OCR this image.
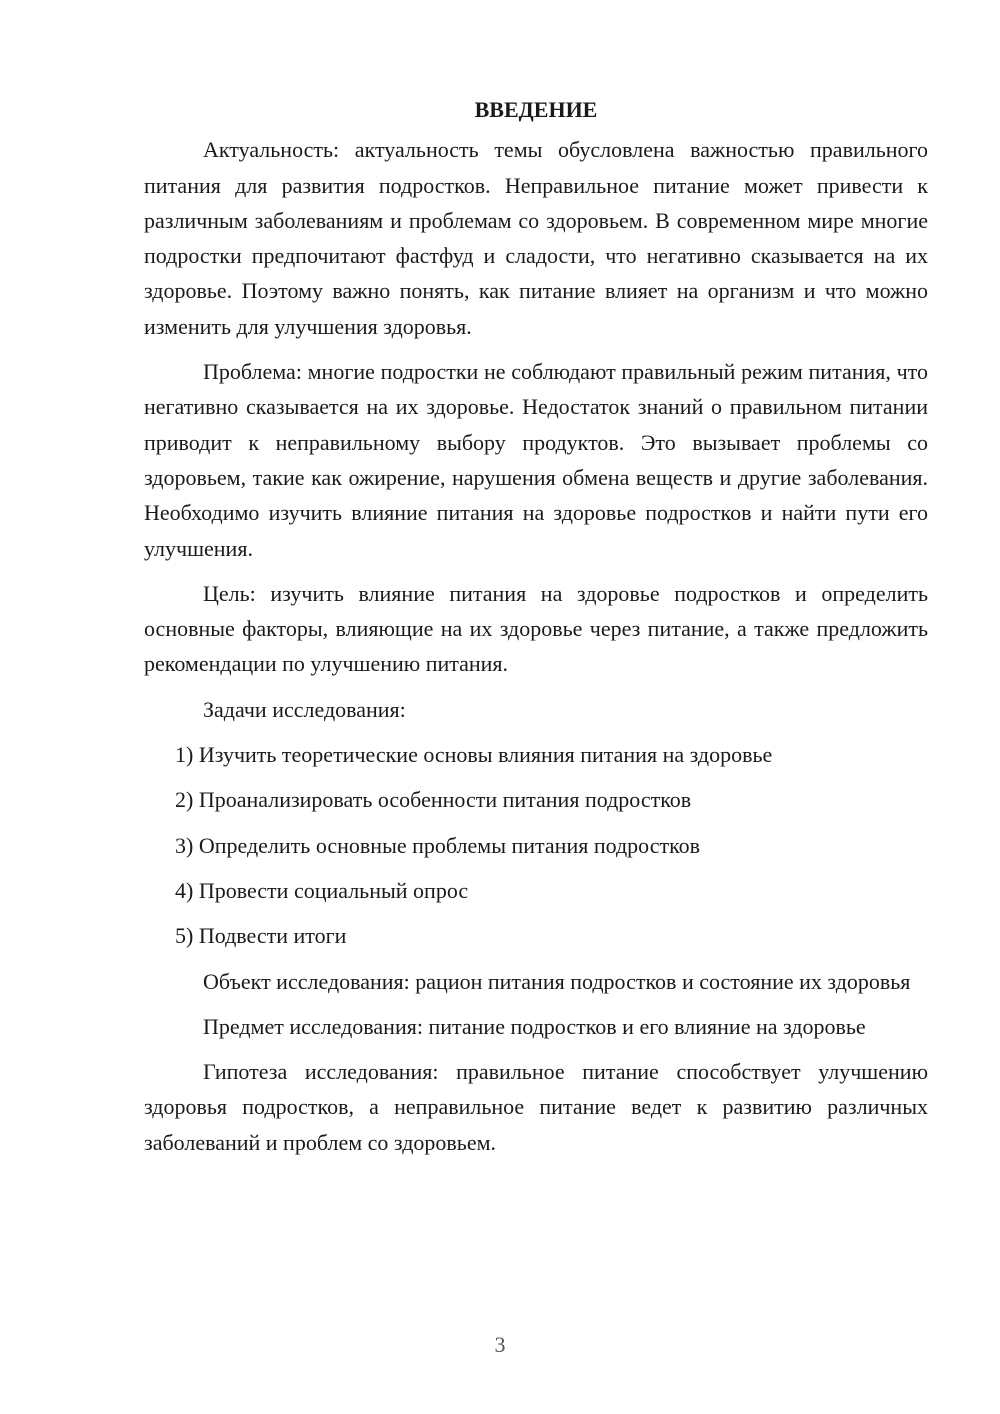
ВВЕДЕНИЕ

Актуальность: актуальность темы обусловлена важностью правильного питания для развития подростков. Неправильное питание может привести к различным заболеваниям и проблемам со здоровьем. В современном мире многие подростки предпочитают фастфуд и сладости, что негативно сказывается на их здоровье. Поэтому важно понять, как питание влияет на организм и что можно изменить для улучшения здоровья.

Проблема: многие подростки не соблюдают правильный режим питания, что негативно сказывается на их здоровье. Недостаток знаний о правильном питании приводит к неправильному выбору продуктов. Это вызывает проблемы со здоровьем, такие как ожирение, нарушения обмена веществ и другие заболевания. Необходимо изучить влияние питания на здоровье подростков и найти пути его улучшения.

Цель: изучить влияние питания на здоровье подростков и определить основные факторы, влияющие на их здоровье через питание, а также предложить рекомендации по улучшению питания.

Задачи исследования:
1) Изучить теоретические основы влияния питания на здоровье
2) Проанализировать особенности питания подростков
3) Определить основные проблемы питания подростков
4) Провести социальный опрос
5) Подвести итоги

Объект исследования: рацион питания подростков и состояние их здоровья

Предмет исследования: питание подростков и его влияние на здоровье

Гипотеза исследования: правильное питание способствует улучшению здоровья подростков, а неправильное питание ведет к развитию различных заболеваний и проблем со здоровьем.

3
